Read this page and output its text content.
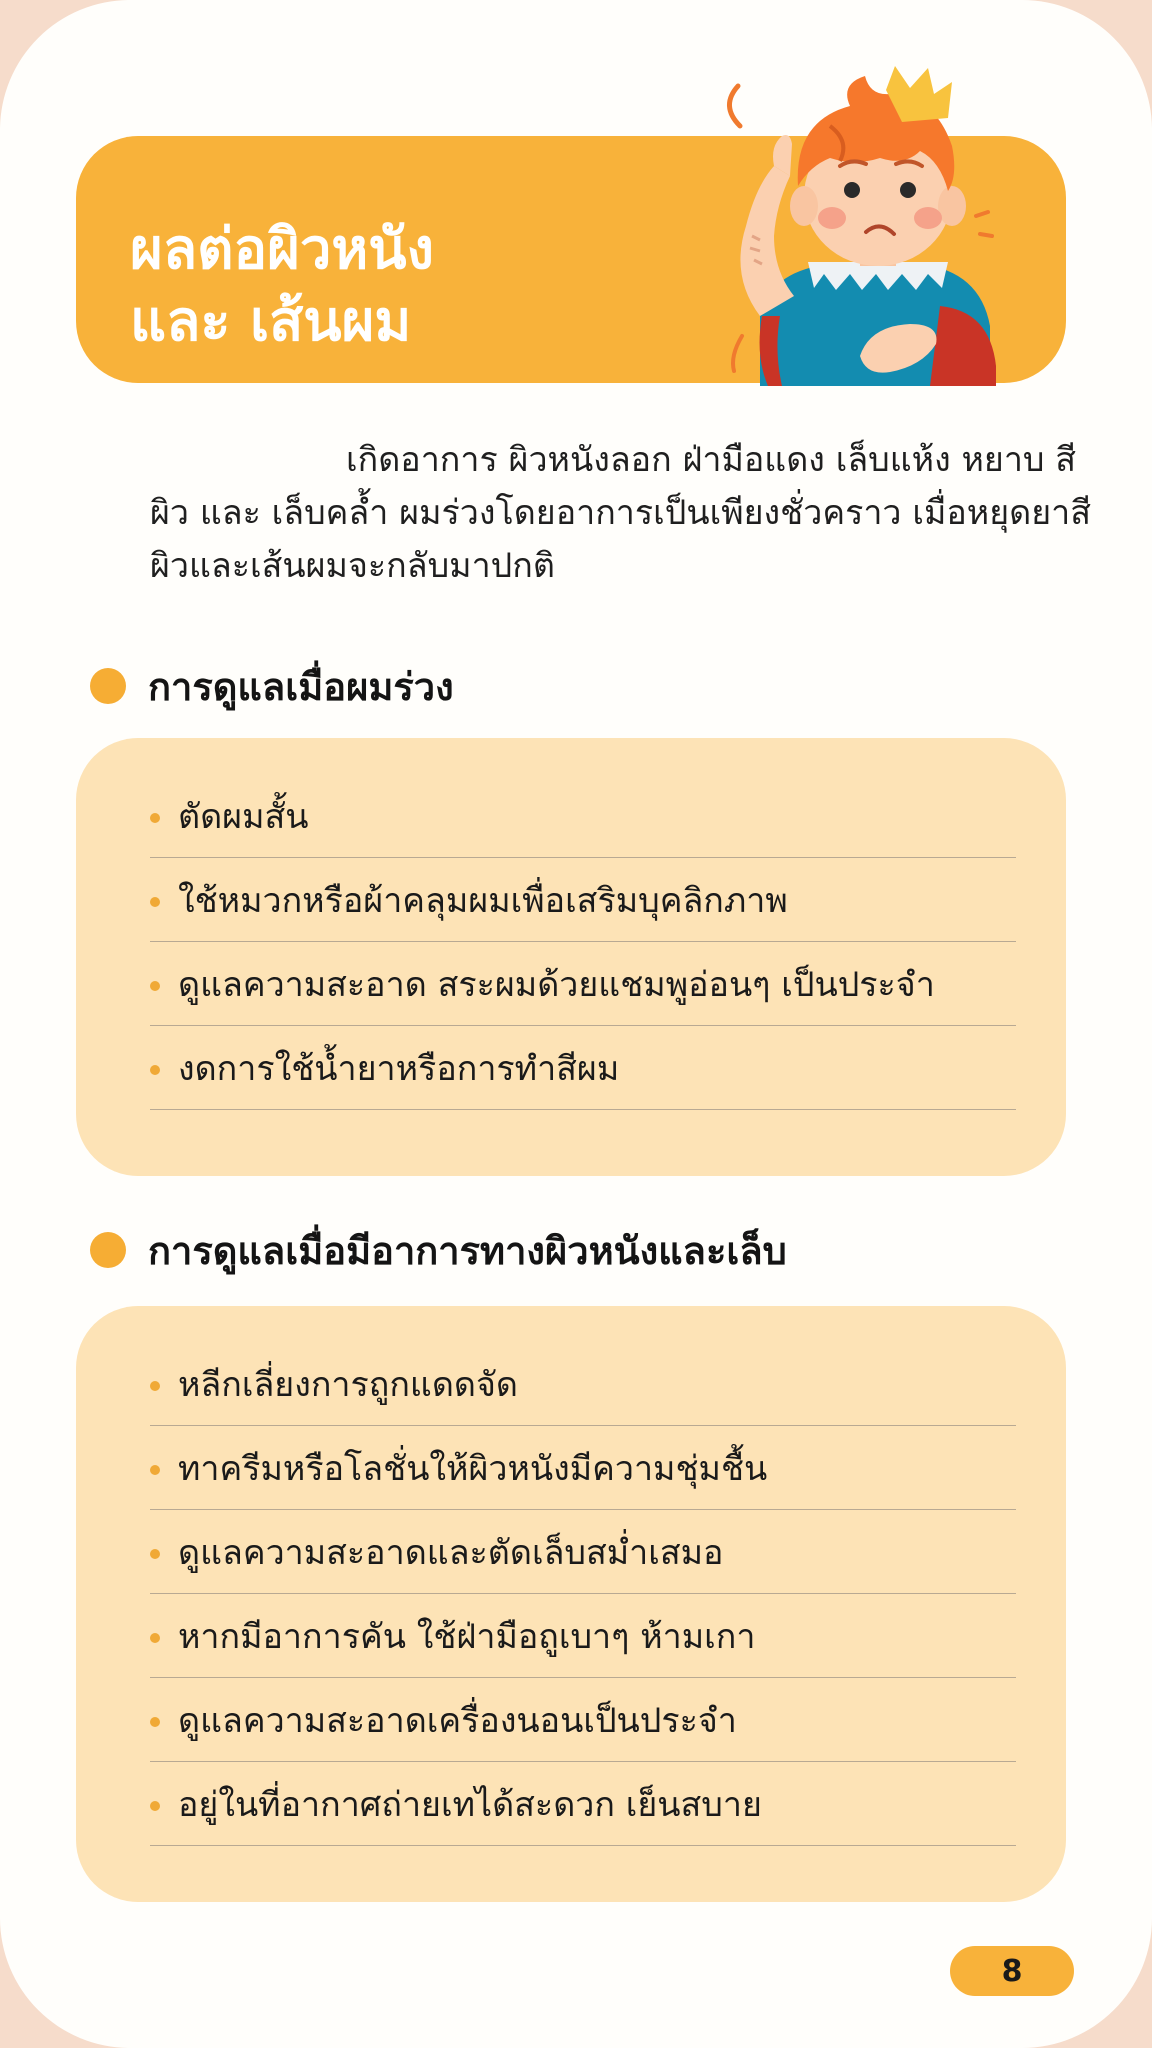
ผลต่อผิวหนัง
และ เส้นผม

เกิดอาการ ผิวหนังลอก ฝ่ามือแดง เล็บแห้ง หยาบ สีผิว และ เล็บคล้ำ ผมร่วงโดยอาการเป็นเพียงชั่วคราว เมื่อหยุดยาสีผิวและเส้นผมจะกลับมาปกติ

การดูแลเมื่อผมร่วง
ตัดผมสั้น
ใช้หมวกหรือผ้าคลุมผมเพื่อเสริมบุคลิกภาพ
ดูแลความสะอาด สระผมด้วยแชมพูอ่อนๆ เป็นประจำ
งดการใช้น้ำยาหรือการทำสีผม
การดูแลเมื่อมีอาการทางผิวหนังและเล็บ
หลีกเลี่ยงการถูกแดดจัด
ทาครีมหรือโลชั่นให้ผิวหนังมีความชุ่มชื้น
ดูแลความสะอาดและตัดเล็บสม่ำเสมอ
หากมีอาการคัน ใช้ฝ่ามือถูเบาๆ ห้ามเกา
ดูแลความสะอาดเครื่องนอนเป็นประจำ
อยู่ในที่อากาศถ่ายเทได้สะดวก เย็นสบาย
8
